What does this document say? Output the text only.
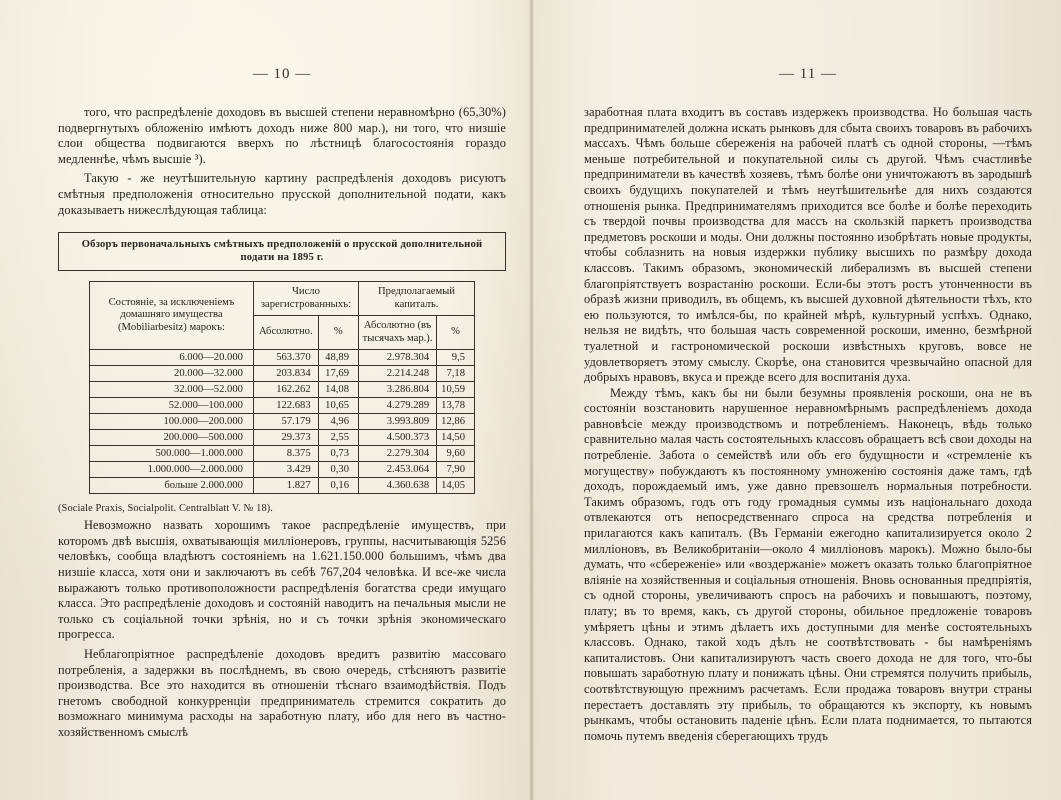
— 10 —

того, что распредѣленіе доходовъ въ высшей степени неравномѣрно (65,30%) подвергнутыхъ обложенію имѣютъ доходъ ниже 800 мар.), ни того, что низшіе слои общества подвигаются вверхъ по лѣстницѣ благосостоянія гораздо медленнѣе, чѣмъ высшіе ³).

Такую - же неутѣшительную картину распредѣленія доходовъ рисуютъ смѣтныя предположенія относительно прусской дополнительной подати, какъ доказываетъ нижеслѣдующая таблица:

Обзоръ первоначальныхъ смѣтныхъ предположеній о прусской дополнительной подати на 1895 г.
Состояніе, за исключеніемъ домашняго имущества (Mobiliarbesitz) марокъ:	Число зарегистрованныхъ:		Предполагаемый капиталъ.	
	Абсолютно.	%	Абсолютно (въ тысячахъ мар.).	%
6.000—20.000	563.370	48,89	2.978.304	9,5
20.000—32.000	203.834	17,69	2.214.248	7,18
32.000—52.000	162.262	14,08	3.286.804	10,59
52.000—100.000	122.683	10,65	4.279.289	13,78
100.000—200.000	57.179	4,96	3.993.809	12,86
200.000—500.000	29.373	2,55	4.500.373	14,50
500.000—1.000.000	8.375	0,73	2.279.304	9,60
1.000.000—2.000.000	3.429	0,30	2.453.064	7,90
больше 2.000.000	1.827	0,16	4.360.638	14,05

(Sociale Praxis, Socialpolit. Centralblatt V. № 18).

Невозможно назвать хорошимъ такое распредѣленіе имуществъ, при которомъ двѣ высшія, охватывающія милліонеровъ, группы, насчитывающія 5256 человѣкъ, сообща владѣютъ состояніемъ на 1.621.150.000 большимъ, чѣмъ два низшіе класса, хотя они и заключаютъ въ себѣ 767,204 человѣка. И все-же числа выражаютъ только противоположности распредѣленія богатства среди имущаго класса. Это распредѣленіе доходовъ и состояній наводитъ на печальныя мысли не только съ соціальной точки зрѣнія, но и съ точки зрѣнія экономическаго прогресса.

Неблагопріятное распредѣленіе доходовъ вредитъ развитію массоваго потребленія, а задержки въ послѣднемъ, въ свою очередь, стѣсняютъ развитіе производства. Все это находится въ отношеніи тѣснаго взаимодѣйствія. Подъ гнетомъ свободной конкурренціи предприниматель стремится сократить до возможнаго минимума расходы на заработную плату, ибо для него въ частно-хозяйственномъ смыслѣ

— 11 —

заработная плата входитъ въ составъ издержекъ производства. Но большая часть предпринимателей должна искать рынковъ для сбыта своихъ товаровъ въ рабочихъ массахъ. Чѣмъ больше сбереженія на рабочей платѣ съ одной стороны, —тѣмъ меньше потребительной и покупательной силы съ другой. Чѣмъ счастливѣе предприниматели въ качествѣ хозяевъ, тѣмъ болѣе они уничтожаютъ въ зародышѣ своихъ будущихъ покупателей и тѣмъ неутѣшительнѣе для нихъ создаются отношенія рынка. Предпринимателямъ приходится все болѣе и болѣе переходить съ твердой почвы производства для массъ на скользкій паркетъ производства предметовъ роскоши и моды. Они должны постоянно изобрѣтать новые продукты, чтобы соблазнить на новыя издержки публику высшихъ по размѣру дохода классовъ. Такимъ образомъ, экономическій либерализмъ въ высшей степени благопріятствуетъ возрастанію роскоши. Если-бы этотъ ростъ утонченности въ образѣ жизни приводилъ, въ общемъ, къ высшей духовной дѣятельности тѣхъ, кто ею пользуются, то имѣлся-бы, по крайней мѣрѣ, культурный успѣхъ. Однако, нельзя не видѣть, что большая часть современной роскоши, именно, безмѣрной туалетной и гастрономической роскоши извѣстныхъ круговъ, вовсе не удовлетворяетъ этому смыслу. Скорѣе, она становится чрезвычайно опасной для добрыхъ нравовъ, вкуса и прежде всего для воспитанія духа.

Между тѣмъ, какъ бы ни были безумны проявленія роскоши, она не въ состояніи возстановить нарушенное неравномѣрнымъ распредѣленіемъ дохода равновѣсіе между производствомъ и потребленіемъ. Наконецъ, вѣдь только сравнительно малая часть состоятельныхъ классовъ обращаетъ всѣ свои доходы на потребленіе. Забота о семействѣ или объ его будущности и «стремленіе къ могуществу» побуждаютъ къ постоянному умноженію состоянія даже тамъ, гдѣ доходъ, порождаемый имъ, уже давно превзошелъ нормальныя потребности. Такимъ образомъ, годъ отъ году громадныя суммы изъ національнаго дохода отвлекаются отъ непосредственнаго спроса на средства потребленія и прилагаются какъ капиталъ. (Въ Германіи ежегодно капитализируется около 2 милліоновъ, въ Великобританіи—около 4 милліоновъ марокъ). Можно было-бы думать, что «сбереженіе» или «воздержаніе» можетъ оказать только благопріятное вліяніе на хозяйственныя и соціальныя отношенія. Вновь основанныя предпріятія, съ одной стороны, увеличиваютъ спросъ на рабочихъ и повышаютъ, поэтому, плату; въ то время, какъ, съ другой стороны, обильное предложеніе товаровъ умѣряетъ цѣны и этимъ дѣлаетъ ихъ доступными для менѣе состоятельныхъ классовъ. Однако, такой ходъ дѣлъ не соотвѣтствовать - бы намѣреніямъ капиталистовъ. Они капитализируютъ часть своего дохода не для того, что-бы повышать заработную плату и понижать цѣны. Они стремятся получить прибыль, соотвѣтствующую прежнимъ расчетамъ. Если продажа товаровъ внутри страны перестаетъ доставлять эту прибыль, то обращаются къ экспорту, къ новымъ рынкамъ, чтобы остановить паденіе цѣнъ. Если плата поднимается, то пытаются помочь путемъ введенія сберегающихъ трудъ
